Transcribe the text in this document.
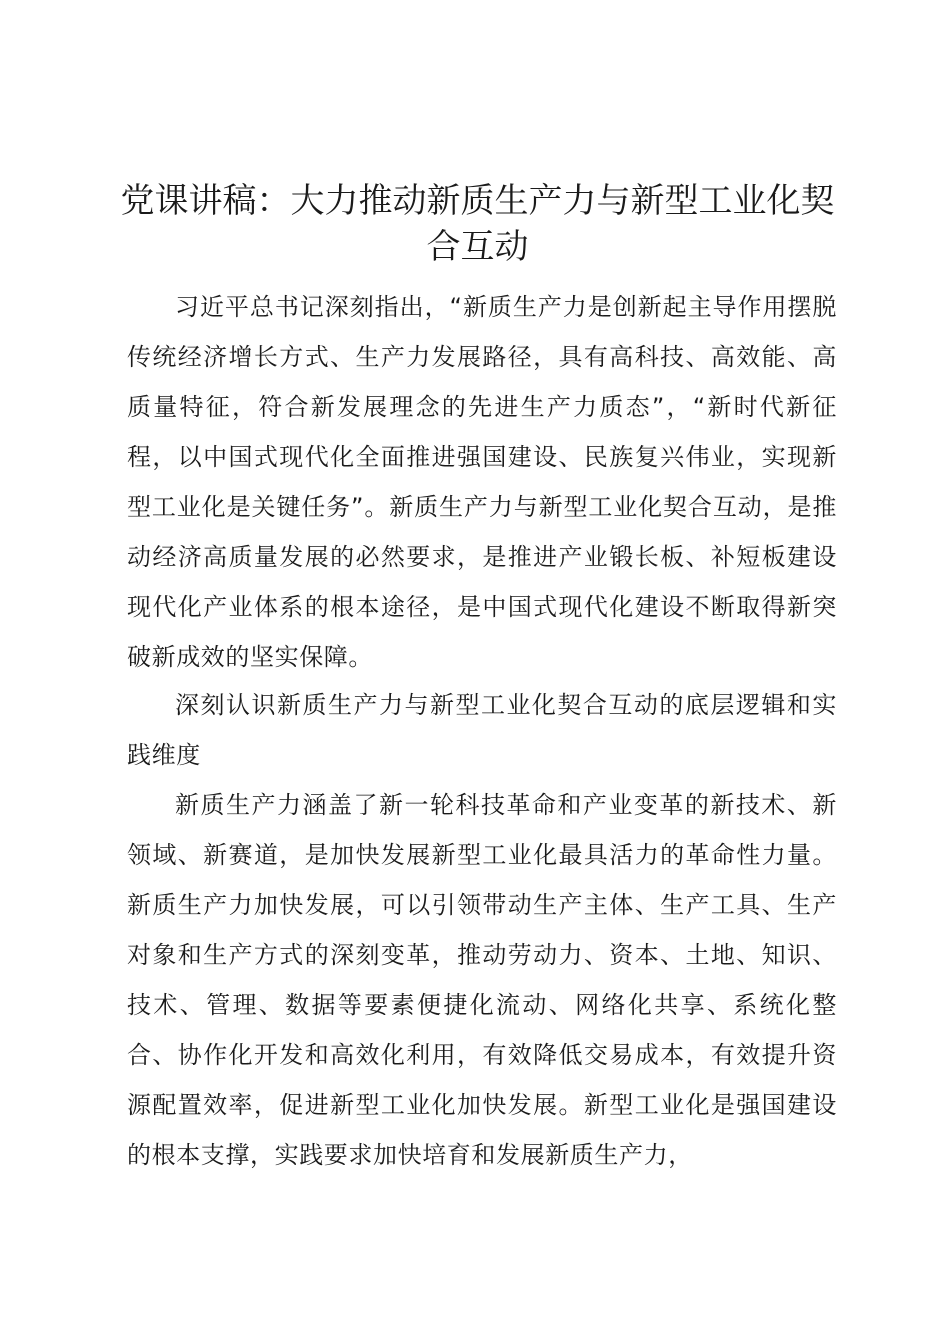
党课讲稿：大力推动新质生产力与新型工业化契合互动

习近平总书记深刻指出，“新质生产力是创新起主导作用摆脱传统经济增长方式、生产力发展路径，具有高科技、高效能、高质量特征，符合新发展理念的先进生产力质态”，“新时代新征程，以中国式现代化全面推进强国建设、民族复兴伟业，实现新型工业化是关键任务”。新质生产力与新型工业化契合互动，是推动经济高质量发展的必然要求，是推进产业锻长板、补短板建设现代化产业体系的根本途径，是中国式现代化建设不断取得新突破新成效的坚实保障。

深刻认识新质生产力与新型工业化契合互动的底层逻辑和实践维度

新质生产力涵盖了新一轮科技革命和产业变革的新技术、新领域、新赛道，是加快发展新型工业化最具活力的革命性力量。新质生产力加快发展，可以引领带动生产主体、生产工具、生产对象和生产方式的深刻变革，推动劳动力、资本、土地、知识、技术、管理、数据等要素便捷化流动、网络化共享、系统化整合、协作化开发和高效化利用，有效降低交易成本，有效提升资源配置效率，促进新型工业化加快发展。新型工业化是强国建设的根本支撑，实践要求加快培育和发展新质生产力，
